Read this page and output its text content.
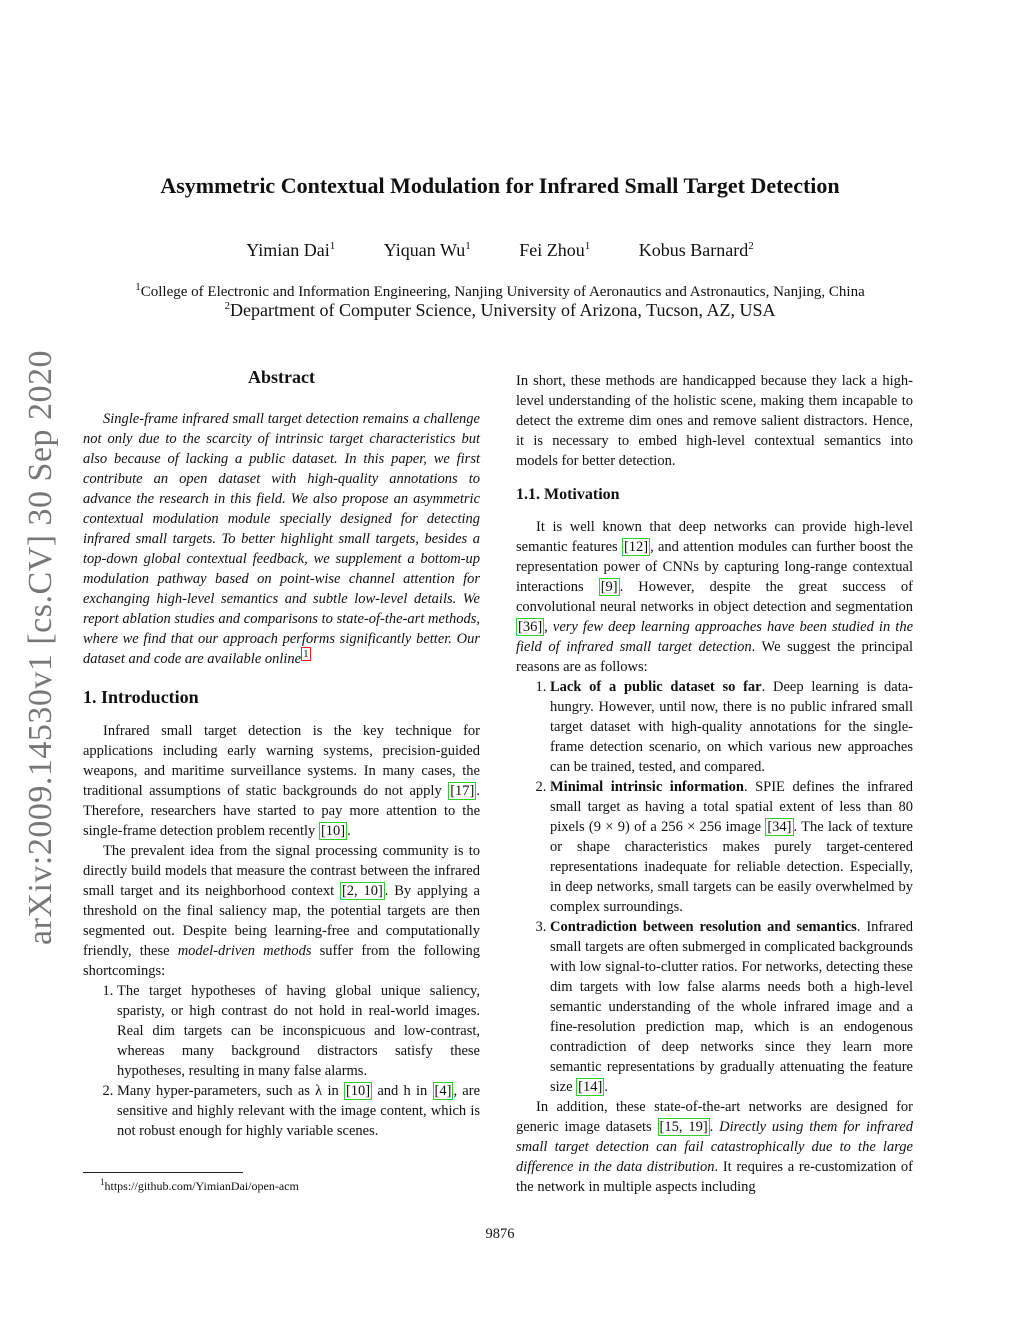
Asymmetric Contextual Modulation for Infrared Small Target Detection
Yimian Dai$^1$	Yiquan Wu$^1$	Fei Zhou$^1$	Kobus Barnard$^2$
$^1$College of Electronic and Information Engineering, Nanjing University of Aeronautics and Astronautics, Nanjing, China
$^2$Department of Computer Science, University of Arizona, Tucson, AZ, USA
arXiv:2009.14530v1 [cs.CV] 30 Sep 2020	Abstract

Single-frame infrared small target detection remains a challenge not only due to the scarcity of intrinsic target characteristics but also because of lacking a public dataset. In this paper, we first contribute an open dataset with high-quality annotations to advance the research in this field. We also propose an asymmetric contextual modulation module specially designed for detecting infrared small targets. To better highlight small targets, besides a top-down global contextual feedback, we supplement a bottom-up modulation pathway based on point-wise channel attention for exchanging high-level semantics and subtle low-level details. We report ablation studies and comparisons to state-of-the-art methods, where we find that our approach performs significantly better. Our dataset and code are available online $^1$

1. Introduction

Infrared small target detection is the key technique for applications including early warning systems, precision-guided weapons, and maritime surveillance systems. In many cases, the traditional assumptions of static backgrounds do not apply [17] . Therefore, researchers have started to pay more attention to the single-frame detection problem recently [10] .

The prevalent idea from the signal processing community is to directly build models that measure the contrast between the infrared small target and its neighborhood context [2, 10] . By applying a threshold on the final saliency map, the potential targets are then segmented out. Despite being learning-free and computationally friendly, these model-driven methods suffer from the following shortcomings:

1. The target hypotheses of having global unique saliency, sparisty, or high contrast do not hold in real-world images. Real dim targets can be inconspicuous and low-contrast, whereas many background distractors satisfy these hypotheses, resulting in many false alarms.
2. Many hyper-parameters, such as λ in [10] and h in [4] , are sensitive and highly relevant with the image content, which is not robust enough for highly variable scenes.

In short, these methods are handicapped because they lack a high-level understanding of the holistic scene, making them incapable to detect the extreme dim ones and remove salient distractors. Hence, it is necessary to embed high-level contextual semantics into models for better detection.

1.1. Motivation

It is well known that deep networks can provide high-level semantic features [12] , and attention modules can further boost the representation power of CNNs by capturing long-range contextual interactions [9] . However, despite the great success of convolutional neural networks in object detection and segmentation [36] , very few deep learning approaches have been studied in the field of infrared small target detection. We suggest the principal reasons are as follows:

1. Lack of a public dataset so far. Deep learning is data-hungry. However, until now, there is no public infrared small target dataset with high-quality annotations for the single-frame detection scenario, on which various new approaches can be trained, tested, and compared.
2. Minimal intrinsic information. SPIE defines the infrared small target as having a total spatial extent of less than 80 pixels (9 × 9) of a 256 × 256 image [34] . The lack of texture or shape characteristics makes purely target-centered representations inadequate for reliable detection. Especially, in deep networks, small targets can be easily overwhelmed by complex surroundings.
3. Contradiction between resolution and semantics. Infrared small targets are often submerged in complicated backgrounds with low signal-to-clutter ratios. For networks, detecting these dim targets with low false alarms needs both a high-level semantic understanding of the whole infrared image and a fine-resolution prediction map, which is an endogenous contradiction of deep networks since they learn more semantic representations by gradually attenuating the feature size [14] .

In addition, these state-of-the-art networks are designed for generic image datasets [15, 19] . Directly using them for infrared small target detection can fail catastrophically due to the large difference in the data distribution. It requires a re-customization of the network in multiple aspects including

$^1$https://github.com/YimianDai/open-acm
9876
